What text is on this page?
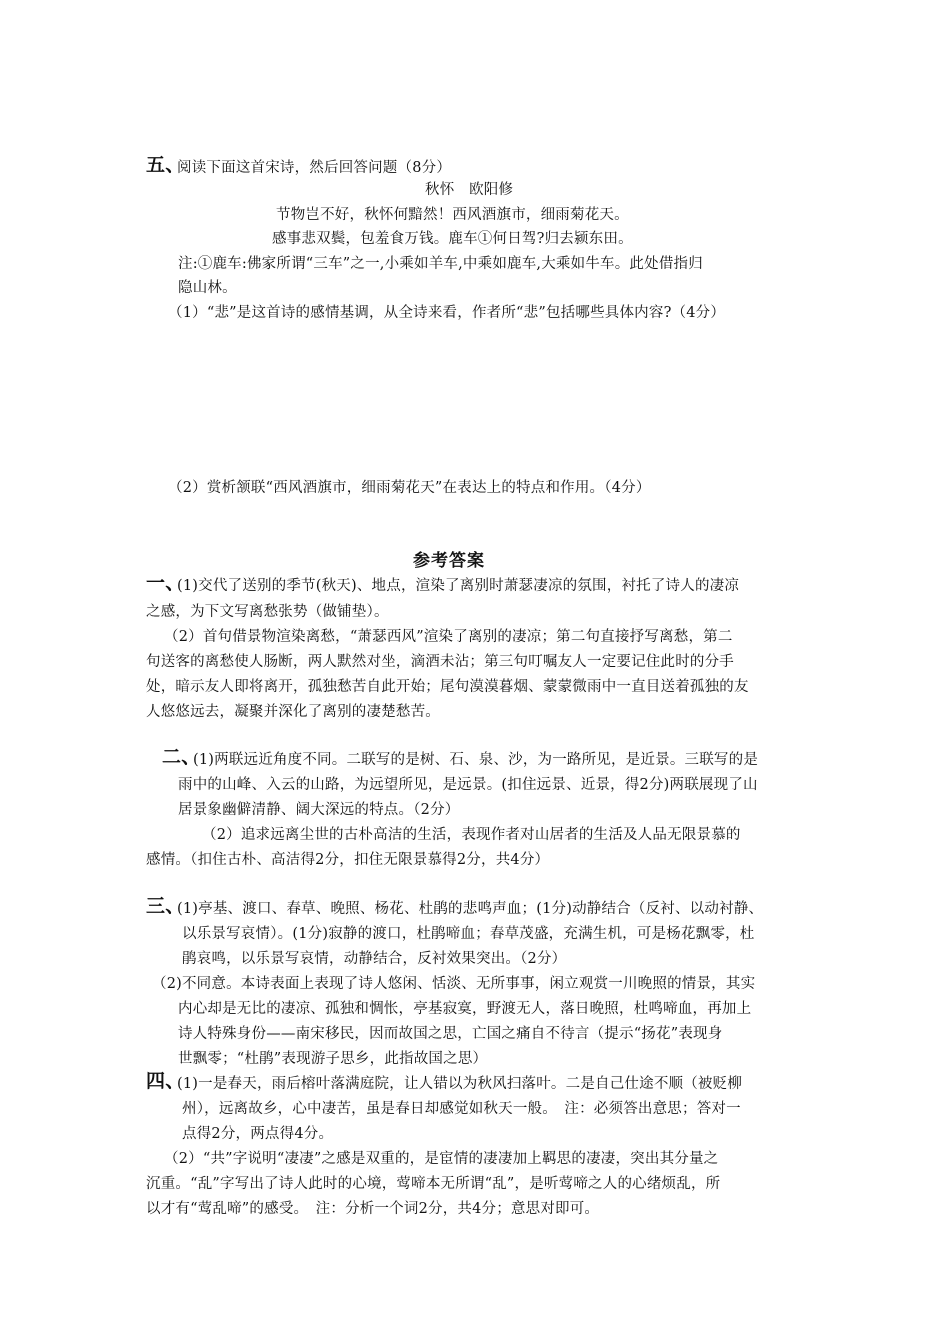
五、
阅读下面这首宋诗，然后回答问题（8分）
秋怀　欧阳修
节物岂不好，秋怀何黯然！西风酒旗市，细雨菊花天。
感事悲双鬓，包羞食万钱。鹿车①何日驾?归去颍东田。
注:①鹿车:佛家所谓“三车”之一,小乘如羊车,中乘如鹿车,大乘如牛车。此处借指归
隐山林。
（1）“悲”是这首诗的感情基调，从全诗来看，作者所“悲”包括哪些具体内容?（4分）
（2）赏析颔联“西风酒旗市，细雨菊花天”在表达上的特点和作用。（4分）
参考答案
一、
(1)交代了送别的季节(秋天)、地点，渲染了离别时萧瑟凄凉的氛围，衬托了诗人的凄凉
之感，为下文写离愁张势（做铺垫）。
（2）首句借景物渲染离愁，“萧瑟西风”渲染了离别的凄凉；第二句直接抒写离愁，第二
句送客的离愁使人肠断，两人默然对坐，滴酒未沾；第三句叮嘱友人一定要记住此时的分手
处，暗示友人即将离开，孤独愁苦自此开始；尾句漠漠暮烟、蒙蒙微雨中一直目送着孤独的友
人悠悠远去，凝聚并深化了离别的凄楚愁苦。
二、
(1)两联远近角度不同。二联写的是树、石、泉、沙，为一路所见，是近景。三联写的是
雨中的山峰、入云的山路，为远望所见，是远景。(扣住远景、近景，得2分)两联展现了山
居景象幽僻清静、阔大深远的特点。（2分）
（2）追求远离尘世的古朴高洁的生活，表现作者对山居者的生活及人品无限景慕的
感情。（扣住古朴、高洁得2分，扣住无限景慕得2分，共4分）
三、
(1)亭基、渡口、春草、晚照、杨花、杜鹃的悲鸣声血；(1分)动静结合（反衬、以动衬静、
以乐景写哀情）。(1分)寂静的渡口，杜鹃啼血；春草茂盛，充满生机，可是杨花飘零，杜
鹃哀鸣，以乐景写哀情，动静结合，反衬效果突出。（2分）
（2)不同意。本诗表面上表现了诗人悠闲、恬淡、无所事事，闲立观赏一川晚照的情景，其实
内心却是无比的凄凉、孤独和惆怅，亭基寂寞，野渡无人，落日晚照，杜鸣啼血，再加上
诗人特殊身份——南宋移民，因而故国之思，亡国之痛自不待言（提示“扬花”表现身
世飘零；“杜鹃”表现游子思乡，此指故国之思）
四、
(1)一是春天，雨后榕叶落满庭院，让人错以为秋风扫落叶。二是自己仕途不顺（被贬柳
州），远离故乡，心中凄苦，虽是春日却感觉如秋天一般。　注：必须答出意思；答对一
点得2分，两点得4分。
（2）“共”字说明“凄凄”之感是双重的，是宦情的凄凄加上羁思的凄凄，突出其分量之
沉重。“乱”字写出了诗人此时的心境，莺啼本无所谓“乱”，是听莺啼之人的心绪烦乱，所
以才有“莺乱啼”的感受。　注：分析一个词2分，共4分；意思对即可。
